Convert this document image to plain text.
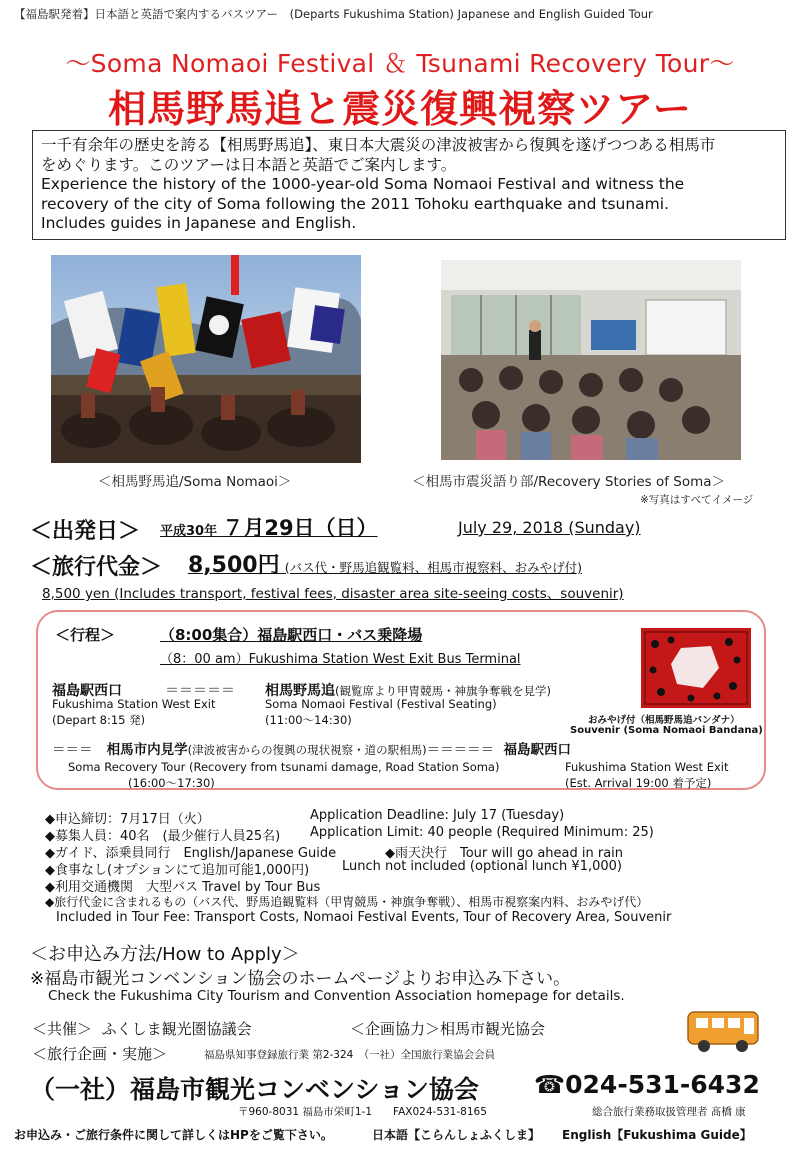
【福島駅発着】日本語と英語で案内するバスツアー　(Departs Fukushima Station) Japanese and English Guided Tour
～Soma Nomaoi Festival ＆ Tsunami Recovery Tour～
相馬野馬追と震災復興視察ツアー
一千有余年の歴史を誇る【相馬野馬追】、東日本大震災の津波被害から復興を遂げつつある相馬市
をめぐります。このツアーは日本語と英語でご案内します。
Experience the history of the 1000-year-old Soma Nomaoi Festival and witness the
recovery of the city of Soma following the 2011 Tohoku earthquake and tsunami.
Includes guides in Japanese and English.
＜相馬野馬追/Soma Nomaoi＞	＜相馬市震災語り部/Recovery Stories of Soma＞
※写真はすべてイメージ
＜出発日＞ 平成30年 ７月29日（日）	July 29, 2018 (Sunday)
＜旅行代金＞ 8,500円 (バス代・野馬追観覧料、相馬市視察料、おみやげ付)
8,500 yen (Includes transport, festival fees, disaster area site-seeing costs、souvenir)
＜行程＞	（8:00集合）福島駅西口・バス乗降場
（8：00 am）Fukushima Station West Exit Bus Terminal
福島駅西口	＝＝＝＝＝
Fukushima Station West Exit
(Depart 8:15 発)
相馬野馬追(観覧席より甲冑競馬・神旗争奪戦を見学)
Soma Nomaoi Festival (Festival Seating)
(11:00～14:30)
＝＝＝ 相馬市内見学(津波被害からの復興の現状視察・道の駅相馬)＝＝＝＝＝ 福島駅西口
Soma Recovery Tour (Recovery from tsunami damage, Road Station Soma)
(16:00～17:30)
Fukushima Station West Exit
(Est. Arrival 19:00 着予定)
おみやげ付（相馬野馬追バンダナ）
Souvenir (Soma Nomaoi Bandana)
◆申込締切：7月17日（火）	Application Deadline: July 17 (Tuesday)
◆募集人員：40名　(最少催行人員25名) Application Limit: 40 people (Required Minimum: 25)
◆ガイド、添乗員同行　English/Japanese Guide	◆雨天決行　Tour will go ahead in rain
◆食事なし(オプションにて追加可能1,000円)	Lunch not included (optional lunch ¥1,000)
◆利用交通機関　大型バス Travel by Tour Bus
◆旅行代金に含まれるもの（バス代、野馬追観覧料（甲冑競馬・神旗争奪戦）、相馬市視察案内料、おみやげ代）
Included in Tour Fee: Transport Costs, Nomaoi Festival Events, Tour of Recovery Area, Souvenir
＜お申込み方法/How to Apply＞
※福島市観光コンベンション協会のホームページよりお申込み下さい。
Check the Fukushima City Tourism and Convention Association homepage for details.
＜共催＞ ふくしま観光圏協議会	＜企画協力＞相馬市観光協会
＜旅行企画・実施＞	福島県知事登録旅行業 第2-324　（一社）全国旅行業協会会員
（一社）福島市観光コンベンション協会 ☎024-531-6432
〒960-8031 福島市栄町1-1　　FAX024-531-8165	総合旅行業務取扱管理者 髙橋 康
お申込み・ご旅行条件に関して詳しくはHPをご覧下さい。	日本語【こらんしょふくしま】 English【Fukushima Guide】
